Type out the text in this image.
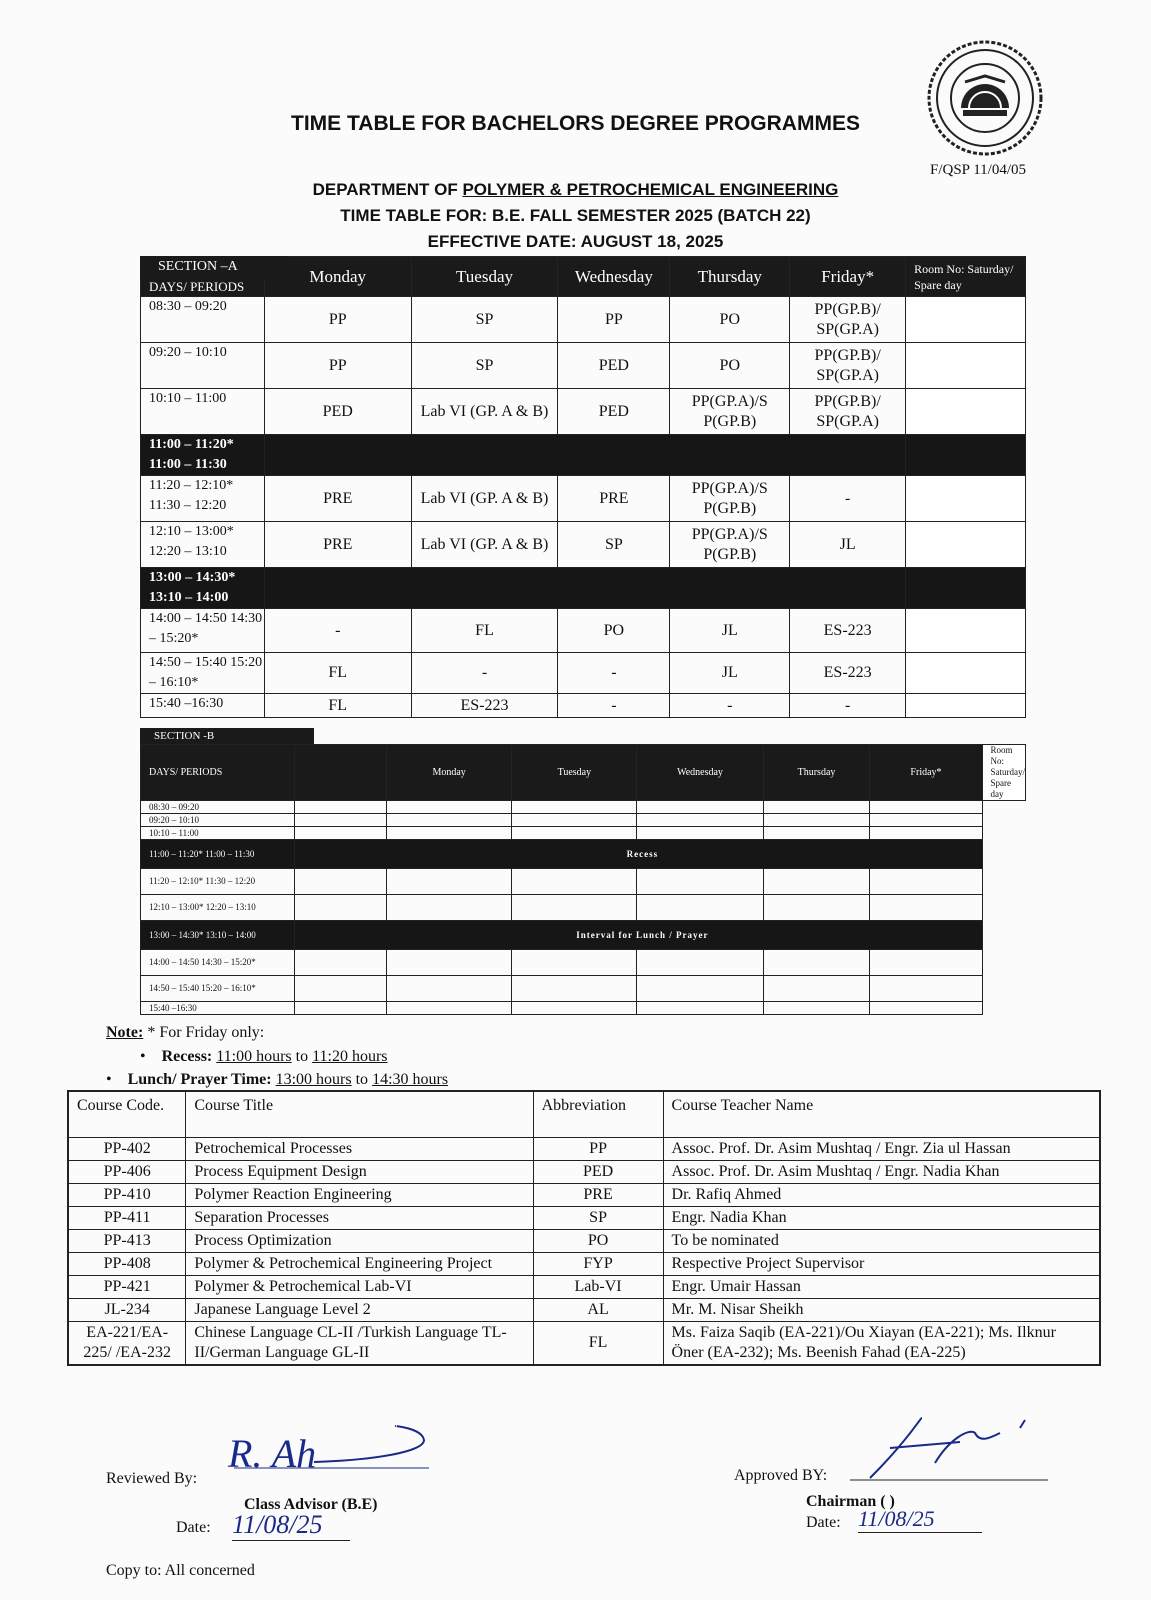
TIME TABLE FOR BACHELORS DEGREE PROGRAMMES
F/QSP 11/04/05
DEPARTMENT OF POLYMER & PETROCHEMICAL ENGINEERING
TIME TABLE FOR: B.E. FALL SEMESTER 2025 (BATCH 22)
EFFECTIVE DATE: AUGUST 18, 2025
SECTION –A
DAYS/ PERIODS	Monday	Tuesday	Wednesday	Thursday	Friday*	Room No: Saturday/ Spare day
08:30 – 09:20	PP	SP	PP	PO	PP(GP.B)/ SP(GP.A)	
09:20 – 10:10	PP	SP	PED	PO	PP(GP.B)/ SP(GP.A)	
10:10 – 11:00	PED	Lab VI (GP. A & B)	PED	PP(GP.A)/S P(GP.B)	PP(GP.B)/ SP(GP.A)	
11:00 – 11:20* 11:00 – 11:30						
11:20 – 12:10* 11:30 – 12:20	PRE	Lab VI (GP. A & B)	PRE	PP(GP.A)/S P(GP.B)	-	
12:10 – 13:00* 12:20 – 13:10	PRE	Lab VI (GP. A & B)	SP	PP(GP.A)/S P(GP.B)	JL	
13:00 – 14:30* 13:10 – 14:00						
14:00 – 14:50 14:30 – 15:20*	-	FL	PO	JL	ES-223	
14:50 – 15:40 15:20 – 16:10*	FL	-	-	JL	ES-223	
15:40 –16:30	FL	ES-223	-	-	-	
SECTION -B
DAYS/ PERIODS		Monday	Tuesday	Wednesday	Thursday	Friday*	Room No: Saturday/ Spare day
08:30 – 09:20							
09:20 – 10:10							
10:10 – 11:00							
11:00 – 11:20* 11:00 – 11:30	Recess						
11:20 – 12:10* 11:30 – 12:20							
12:10 – 13:00* 12:20 – 13:10							
13:00 – 14:30* 13:10 – 14:00	Interval for Lunch / Prayer						
14:00 – 14:50 14:30 – 15:20*							
14:50 – 15:40 15:20 – 16:10*							
15:40 –16:30							
Note: * For Friday only:
•    Recess: 11:00 hours to 11:20 hours
•    Lunch/ Prayer Time: 13:00 hours to 14:30 hours
Course Code.	Course Title	Abbreviation	Course Teacher Name
PP-402	Petrochemical Processes	PP	Assoc. Prof. Dr. Asim Mushtaq / Engr. Zia ul Hassan
PP-406	Process Equipment Design	PED	Assoc. Prof. Dr. Asim Mushtaq / Engr. Nadia Khan
PP-410	Polymer Reaction Engineering	PRE	Dr. Rafiq Ahmed
PP-411	Separation Processes	SP	Engr. Nadia Khan
PP-413	Process Optimization	PO	To be nominated
PP-408	Polymer & Petrochemical Engineering Project	FYP	Respective Project Supervisor
PP-421	Polymer & Petrochemical Lab-VI	Lab-VI	Engr. Umair Hassan
JL-234	Japanese Language Level 2	AL	Mr. M. Nisar Sheikh
EA-221/EA-225/ /EA-232	Chinese Language CL-II /Turkish Language TL-II/German Language GL-II	FL	Ms. Faiza Saqib (EA-221)/Ou Xiayan (EA-221); Ms. Ilknur Öner (EA-232); Ms. Beenish Fahad (EA-225)
Reviewed By:
R. Ah
Class Advisor (B.E)
Date: 11/08/25
Approved BY:
Chairman ( )
Date: 11/08/25
Copy to: All concerned
